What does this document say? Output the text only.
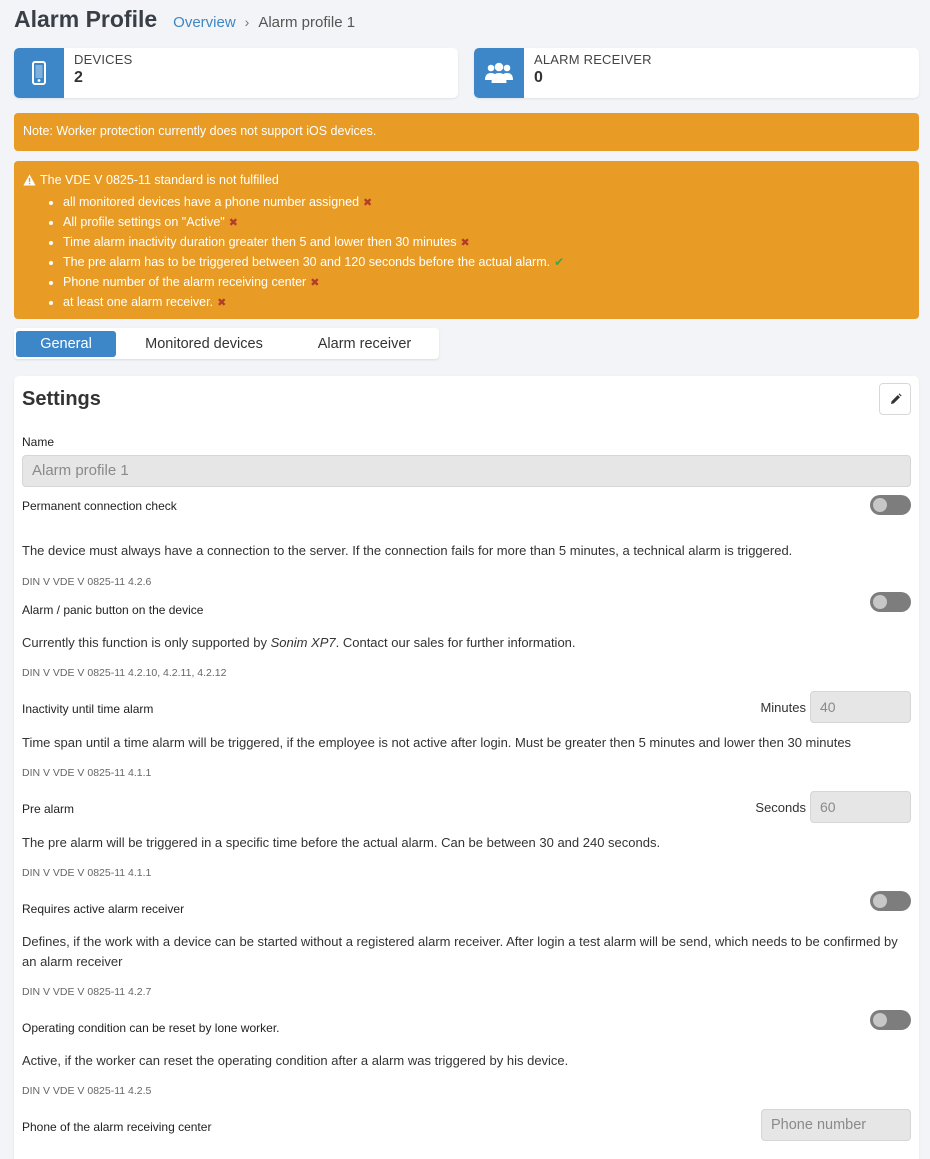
Alarm Profile Overview › Alarm profile 1
DEVICES
2
ALARM RECEIVER
0
Note: Worker protection currently does not support iOS devices.
The VDE V 0825-11 standard is not fulfilled
• all monitored devices have a phone number assigned ✖
• All profile settings on "Active" ✖
• Time alarm inactivity duration greater then 5 and lower then 30 minutes ✖
• The pre alarm has to be triggered between 30 and 120 seconds before the actual alarm. ✔
• Phone number of the alarm receiving center ✖
• at least one alarm receiver. ✖
General	Monitored devices	Alarm receiver
Settings
Name
Alarm profile 1
Permanent connection check
The device must always have a connection to the server. If the connection fails for more than 5 minutes, a technical alarm is triggered.
DIN V VDE V 0825-11 4.2.6
Alarm / panic button on the device
Currently this function is only supported by Sonim XP7. Contact our sales for further information.
DIN V VDE V 0825-11 4.2.10, 4.2.11, 4.2.12
Inactivity until time alarm	Minutes	40
Time span until a time alarm will be triggered, if the employee is not active after login. Must be greater then 5 minutes and lower then 30 minutes
DIN V VDE V 0825-11 4.1.1
Pre alarm	Seconds	60
The pre alarm will be triggered in a specific time before the actual alarm. Can be between 30 and 240 seconds.
DIN V VDE V 0825-11 4.1.1
Requires active alarm receiver
Defines, if the work with a device can be started without a registered alarm receiver. After login a test alarm will be send, which needs to be confirmed by an alarm receiver
DIN V VDE V 0825-11 4.2.7
Operating condition can be reset by lone worker.
Active, if the worker can reset the operating condition after a alarm was triggered by his device.
DIN V VDE V 0825-11 4.2.5
Phone of the alarm receiving center	Phone number
